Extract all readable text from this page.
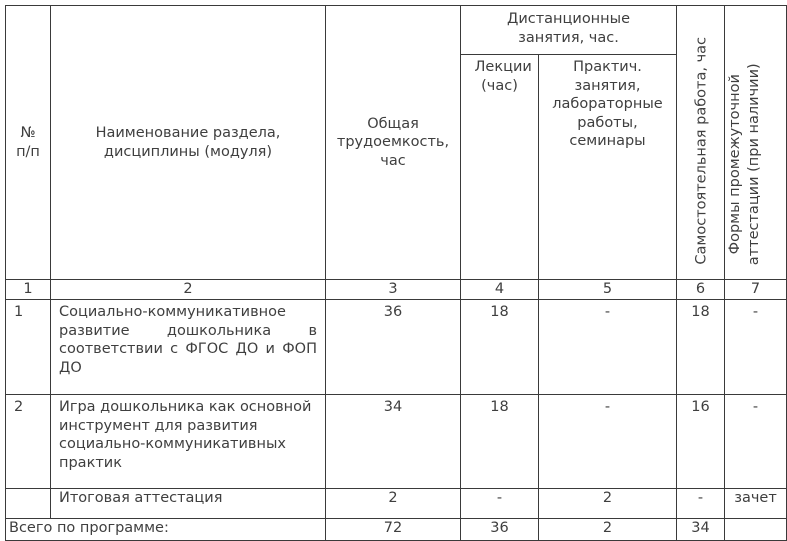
№ п/п	Наименование раздела, дисциплины (модуля)	Общая трудоемкость, час	Дистанционные занятия, час.		Самостоятельная работа, час	Формы промежуточной аттестации (при наличии)

			Лекции (час)	Практич. занятия, лабораторные работы, семинары		
1	2	3	4	5	6	7
1	Социально-коммуникативное развитие дошкольника в соответствии с ФГОС ДО и ФОП ДО	36	18	-	18	-
2	Игра дошкольника как основной инструмент для развития социально-коммуникативных практик	34	18	-	16	-
	Итоговая аттестация	2	-	2	-	зачет
Всего по программе:		72	36	2	34	
